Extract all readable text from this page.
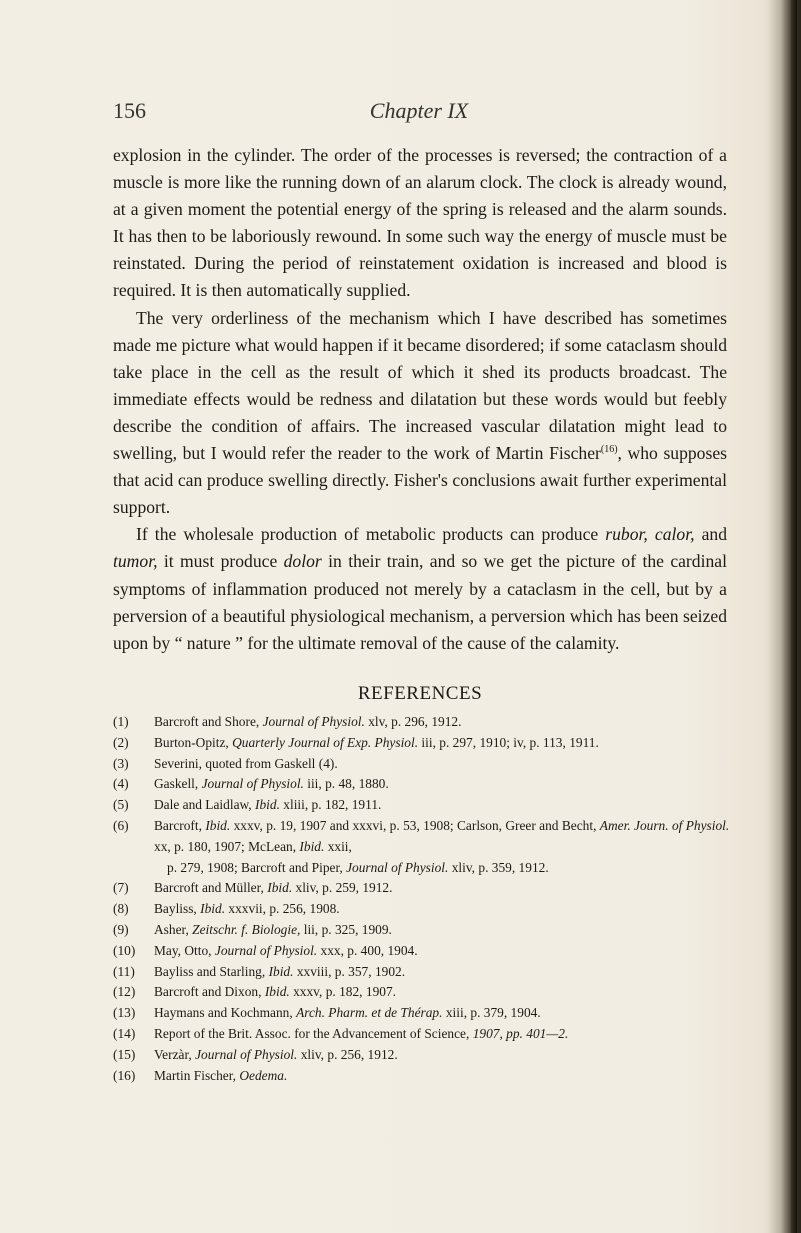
156	Chapter IX

explosion in the cylinder. The order of the processes is reversed; the contraction of a muscle is more like the running down of an alarum clock. The clock is already wound, at a given moment the potential energy of the spring is released and the alarm sounds. It has then to be laboriously rewound. In some such way the energy of muscle must be reinstated. During the period of reinstatement oxidation is increased and blood is required. It is then automatically supplied.

The very orderliness of the mechanism which I have described has sometimes made me picture what would happen if it became disordered; if some cataclasm should take place in the cell as the result of which it shed its products broadcast. The immediate effects would be redness and dilatation but these words would but feebly describe the condition of affairs. The increased vascular dilatation might lead to swelling, but I would refer the reader to the work of Martin Fischer$^{(16)}$, who supposes that acid can produce swelling directly. Fisher's conclusions await further experimental support.

If the wholesale production of metabolic products can produce rubor, calor, and tumor, it must produce dolor in their train, and so we get the picture of the cardinal symptoms of inflammation produced not merely by a cataclasm in the cell, but by a perversion of a beautiful physiological mechanism, a perversion which has been seized upon by “ nature ” for the ultimate removal of the cause of the calamity.

REFERENCES
(1)	Barcroft and Shore, Journal of Physiol. xlv, p. 296, 1912.
(2)	Burton-Opitz, Quarterly Journal of Exp. Physiol. iii, p. 297, 1910; iv, p. 113, 1911.
(3)	Severini, quoted from Gaskell (4).
(4)	Gaskell, Journal of Physiol. iii, p. 48, 1880.
(5)	Dale and Laidlaw, Ibid. xliii, p. 182, 1911.
(6)	Barcroft, Ibid. xxxv, p. 19, 1907 and xxxvi, p. 53, 1908; Carlson, Greer and Becht, Amer. Journ. of Physiol. xx, p. 180, 1907; McLean, Ibid. xxii,
p. 279, 1908; Barcroft and Piper, Journal of Physiol. xliv, p. 359, 1912.
(7)	Barcroft and Müller, Ibid. xliv, p. 259, 1912.
(8)	Bayliss, Ibid. xxxvii, p. 256, 1908.
(9)	Asher, Zeitschr. f. Biologie, lii, p. 325, 1909.
(10)	May, Otto, Journal of Physiol. xxx, p. 400, 1904.
(11)	Bayliss and Starling, Ibid. xxviii, p. 357, 1902.
(12)	Barcroft and Dixon, Ibid. xxxv, p. 182, 1907.
(13)	Haymans and Kochmann, Arch. Pharm. et de Thérap. xiii, p. 379, 1904.
(14)	Report of the Brit. Assoc. for the Advancement of Science, 1907, pp. 401—2.
(15)	Verzàr, Journal of Physiol. xliv, p. 256, 1912.
(16)	Martin Fischer, Oedema.
